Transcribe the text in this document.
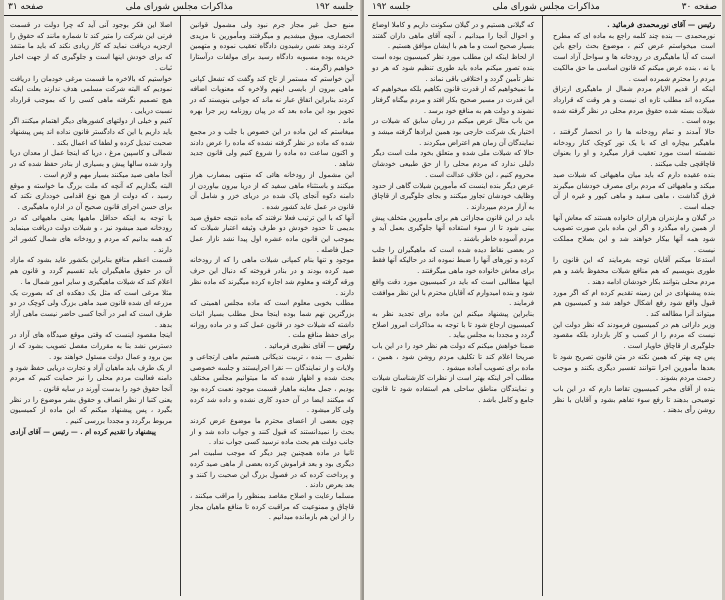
جلسه ۱۹۲
مذاکرات مجلس شورای ملی
صفحه ۳۱

منبع حمل غیر مجاز جرم نبود ولی مشمول قوانین انحصاری، مبوق میشدیم و میگرفتند ومأمورین نا مزیدی کردند وبعد نفس رشیدون دادگاه تعقیب نموده و متهمین خریده بوده مسبوبه دادگاه رسید برای مولفات درآستارا خواهیم زاگرمنه .

آین خواستم که مستمر از تاج کند وگفت که تشعل کپانی ماهی بیرون از بایسی اینهم ولاخره که معنویات اضافه کردند بنابراین اتفاق عبار نه ماند که جوابی بنویسند که در تجویز بود این ماده بعد که در پیان روزنامه زیر جرا بهره ماند .

میغاستم که این ماده در این خصوص با جلب و در مجمع شده که ماده در نظر گرفته نشده که ماده را عرض دادند و اکنون ساعت ده ماده را شروع کنیم ولی قانون جدید شاهد .

این مشمول از رودخانه هائی که منتهی بمصارب هراز میکنند و باستثناء ماهی سفید که از دریا بیرون بیاوردن از دامنه دکوه آنجای پاک شده در دریای خزر و شامل آن قانون در عمل عاید کشور شده .

آنها که با این ترتیب فعلا نرفتند که ماده نتیجه حقوق صید بدیمی تا حدود خودش دو طرف وثیقه اعتبار شیلات که بموجب این قانون ماده عشره اول پیدا نشد نازار عمل حمل فاصله .

موجود و تنها بنام کمپانی شیلات ماهی را که از رودخانه صید کرده بودند و در بنادر فروخته که دنبال این حرف ورقه گرفته و معلوم شد اجاره کرده میگیرند که ماده نظر دارند .

مطلب بخوبی معلوم است که ماده مجلس اهمیتی که بزرگترین نهم شما بوده اینجا محل مطلب بسیار اثبات داشته که شیلات خود در قانون عمل کند و در ماده روزانه برای حفظ منافع ملت .

رئیس — آقای نظیری فرمائید .

نظیری — بنده ، تربیت ندیکانی هستیم ماهی ارتجاعی و ولایات و از نمایندگان — نقرا اجرایستند و جلسه خصوصی بحث شده و اظهار شده که ما میتوانیم مجلس مختلف بودیم ، جمل معاینه ماهیار قسمت موجود نعمت کرده بود که میکنند ایضا در آن حدود کاری نشده و داده شد کرده ولی کار میشود .

چون بعضی از اعضای محترم ما موضوع عرض کردند بحث را نمیدانستند که قبول کنند و جواب داده شد و از جانب دولت هم بحث ماده نرسید کسی جواب نداد .

ثانیا در ماده همچنین چیز دیگر که موجب سلبیت امر دیگری بود و بعد فراموش کرده بعضی از ماهی صید کرده و پرداخت کرده که در فصول بزرگ این صحبت را کنند و بعد بعرض دادند .

مسلما رعایت و اصلاح مقاصد بمنظور را مراقب میکنند ، قاچاق و ممنوعیت که مراقبت کرده تا منافع ماهیان مجاز را از این هم بازمانده میدانیم .

اصلا این فکر بوجود آنی آید که چرا دولت در قسمت فرنی این شرکت را متیر کند تا شماره مانند که حقوق را ازجزیه دریافت نماید که کار زیادی نکند که باید ما متنفذ که برای خودش اینها است و جلوگیری که از جهت اخبار ثبات .

خواستیم که بالاخره ما قسمت مرغی خودمان را دریافت نمودیم که البته شرکت مسلمی هدف ندارند بعلت اینکه هیچ تصمیم نگرفته ماهی کسی را که بموجب قرارداد نسبت دریایی .

کنیم و خیلی از دولتهای کشورهای دیگر اهتمام میکنند اگر باید داریم یا این که دادگستر قانون نداده اند پس پیشنهاد صحبت تبدیل کرده و لطفا که اعمال بکند .

شمالی و کاسپین مرغ ، دریا که اینجا عمل از معدان دریا وارد شده سالها پیش و بسیاری از بنادر حفظ شده که در آنجا ماهی صید میکنند بسیار مهم و لازم است .

البته بگذاریم که آنچه که ملت بزرگ ما خواسته و موقع رسید ، که دولت از هیچ نوع اقدامی خودداری نکند که برای حسن اجرای قانون صحیح آن در اداره ماهیگیری .

با توجه به اینکه حداقل ماهیها یعنی ماهیهائی که در رودخانه صید میشود نیز ، و شیلات دولت دریافت مینماید که همه بدانیم که مردم و رودخانه های شمال کشور اثر دارند .

قسمت اعظم منافع بنابراین بکشور عاید بشود که مازاد آن در حقوق ماهیگیران باید تقسیم گردد و قانون هم اعلام کند که شیلات ماهیگیری و سایر امور شمال ما .

مثلا مرغی است که مثل یک دهکده ای که بصورت یک مزرعه ای شده قانون صید ماهی بزرگ ولی کوچک در دو طرف است که امر در آنجا کسی حاضر نیست ماهی آزاد بدهد .

اینجا مقصود اینست که وقتی موقع صیدگاه های آزاد در دسترس نشد بنا به مقررات مفصل تصویب بشود که از بین برود و عمال دولت مسئول خواهند بود .

از یک طرف باید ماهیان آزاد و تجارت دریایی حفظ شود و دامنه فعالیت مردم محلی را نیز حمایت کنیم که مردم آنجا حقوق خود را بدست آورند در سایه قانون .

یعنی کتبا از نظر انصاف و حقوق بشر موضوع را در نظر بگیرد ، پس پیشنهاد میکنم که این ماده از کمیسیون مربوط برگردد و مجددا بررسی کنیم .

پیشنهاد را تقدیم کرده ام . — رئیس — آقای آزادی

صفحه ۳۰
مذاکرات مجلس شورای ملی
جلسه ۱۹۲

رئیس — آقای نورمحمدی فرمائید .

نورمحمدی — بنده چند کلمه راجع به ماده ای که مطرح است میخواستم عرض کنم ، موضوع بحث راجع باین است که آیا ماهیگیری در رودخانه ها و سواحل آزاد است یا نه ، بنده عرض میکنم که قانون اساسی ما حق مالکیت مردم را محترم شمرده است .

اینکه از قدیم الایام مردم شمال از ماهیگیری ارتزاق میکرده اند مطلب تازه ای نیست و هر وقت که قرارداد شیلات بسته شده حقوق مردم محلی در نظر گرفته شده بوده است .

حالا آمدند و تمام رودخانه ها را در انحصار گرفتند ، ماهیگیر بیچاره ای که با یک تور کوچک کنار رودخانه نشسته است مورد تعقیب قرار میگیرد و او را بعنوان قاچاقچی جلب میکنند .

بنده عقیده دارم که باید میان ماهیهائی که شیلات صید میکند و ماهیهائی که مردم برای مصرف خودشان میگیرند فرق گذاشت ، ماهی سفید و ماهی کپور و غیره از آن جمله است .

در گیلان و مازندران هزاران خانواده هستند که معاش آنها از همین راه میگذرد و اگر این ماده باین صورت تصویب شود همه آنها بیکار خواهند شد و این بصلاح مملکت نیست .

استدعا میکنم آقایان توجه بفرمایند که این قانون را طوری بنویسیم که هم منافع شیلات محفوظ باشد و هم مردم محلی بتوانند بکار خودشان ادامه دهند .

بنده پیشنهادی در این زمینه تقدیم کرده ام که اگر مورد قبول واقع شود رفع اشکال خواهد شد و کمیسیون هم میتواند آنرا مطالعه کند .

وزیر دارائی هم در کمیسیون فرمودند که نظر دولت این نیست که مردم را از کسب و کار بازدارد بلکه مقصود جلوگیری از قاچاق خاویار است .

پس چه بهتر که همین نکته در متن قانون تصریح شود تا بعدها مأمورین اجرا نتوانند تفسیر دیگری بکنند و موجب زحمت مردم بشوند .

بنده از آقای مخبر کمیسیون تقاضا دارم که در این باب توضیحی بدهند تا رفع سوء تفاهم بشود و آقایان با نظر روشن رأی بدهند .

که گیلانی هستیم و در گیلان سکونت داریم و کاملا اوضاع و احوال آنجا را میدانیم ، آنچه آقای ماهی داران گفتند بسیار صحیح است و ما هم با ایشان موافق هستیم .

از لحاظ اینکه این مطلب مورد نظر کمیسیون بوده است بنده تصور میکنم ماده باید طوری تنظیم شود که هر دو نظر تأمین گردد و اختلافی باقی نماند .

ما نمیخواهیم که از قدرت قانون بکاهیم بلکه میخواهیم که این قدرت در مسیر صحیح بکار افتد و مردم بیگناه گرفتار نشوند و دولت هم به منافع خود برسد .

من باب مثال عرض میکنم در زمان سابق که شیلات در اختیار یک شرکت خارجی بود همین ایرادها گرفته میشد و نمایندگان آن زمان هم اعتراض میکردند .

حالا که شیلات ملی شده و متعلق بخود ملت است دیگر دلیلی ندارد که مردم محلی را از حق طبیعی خودشان محروم کنیم ، این خلاف عدالت است .

عرض دیگر بنده اینست که مأمورین شیلات گاهی از حدود وظایف خودشان تجاوز میکنند و بجای جلوگیری از قاچاق به آزار مردم میپردازند .

باید در این قانون مجازاتی هم برای مأمورین متخلف پیش بینی شود تا از سوء استفاده آنها جلوگیری بعمل آید و مردم آسوده خاطر باشند .

در بعضی نقاط دیده شده است که ماهیگیران را جلب کرده و تورهای آنها را ضبط نموده اند در حالیکه آنها فقط برای معاش خانواده خود ماهی میگرفتند .

اینها مطالبی است که باید در کمیسیون مورد دقت واقع شود و بنده امیدوارم که آقایان محترم با این نظر موافقت فرمایند .

بنابراین پیشنهاد میکنم این ماده برای تجدید نظر به کمیسیون ارجاع شود تا با توجه به مذاکرات امروز اصلاح گردد و مجددا به مجلس بیاید .

ضمنا خواهش میکنم که دولت هم نظر خود را در این باب صریحا اعلام کند تا تکلیف مردم روشن شود ، همین ، ماده برای تصویب آماده میشود .

مطلب آخر اینکه بهتر است از نظرات کارشناسان شیلات و نمایندگان مناطق ساحلی هم استفاده شود تا قانون جامع و کامل باشد .
